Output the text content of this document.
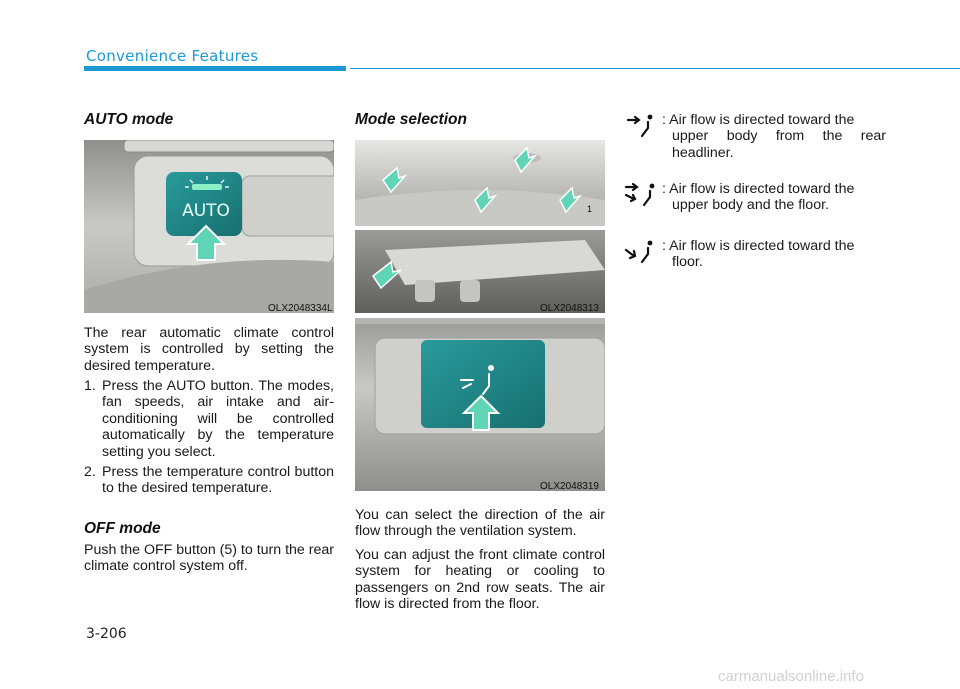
Convenience Features
AUTO mode
AUTO
OLX2048334L

The rear automatic climate control system is controlled by setting the desired temperature.

1. Press the AUTO button. The modes, fan speeds, air intake and air-conditioning will be controlled automatically by the temperature setting you select.
2. Press the temperature control button to the desired temperature.
OFF mode

Push the OFF button (5) to turn the rear climate control system off.

Mode selection
1
OLX2048313
OLX2048319

You can select the direction of the air flow through the ventilation system.

You can adjust the front climate control system for heating or cooling to passengers on 2nd row seats. The air flow is directed from the floor.

: Air flow is directed toward the
upper body from the rear headliner.
: Air flow is directed toward the
upper body and the floor.
: Air flow is directed toward the
floor.
3-206
carmanualsonline.info
